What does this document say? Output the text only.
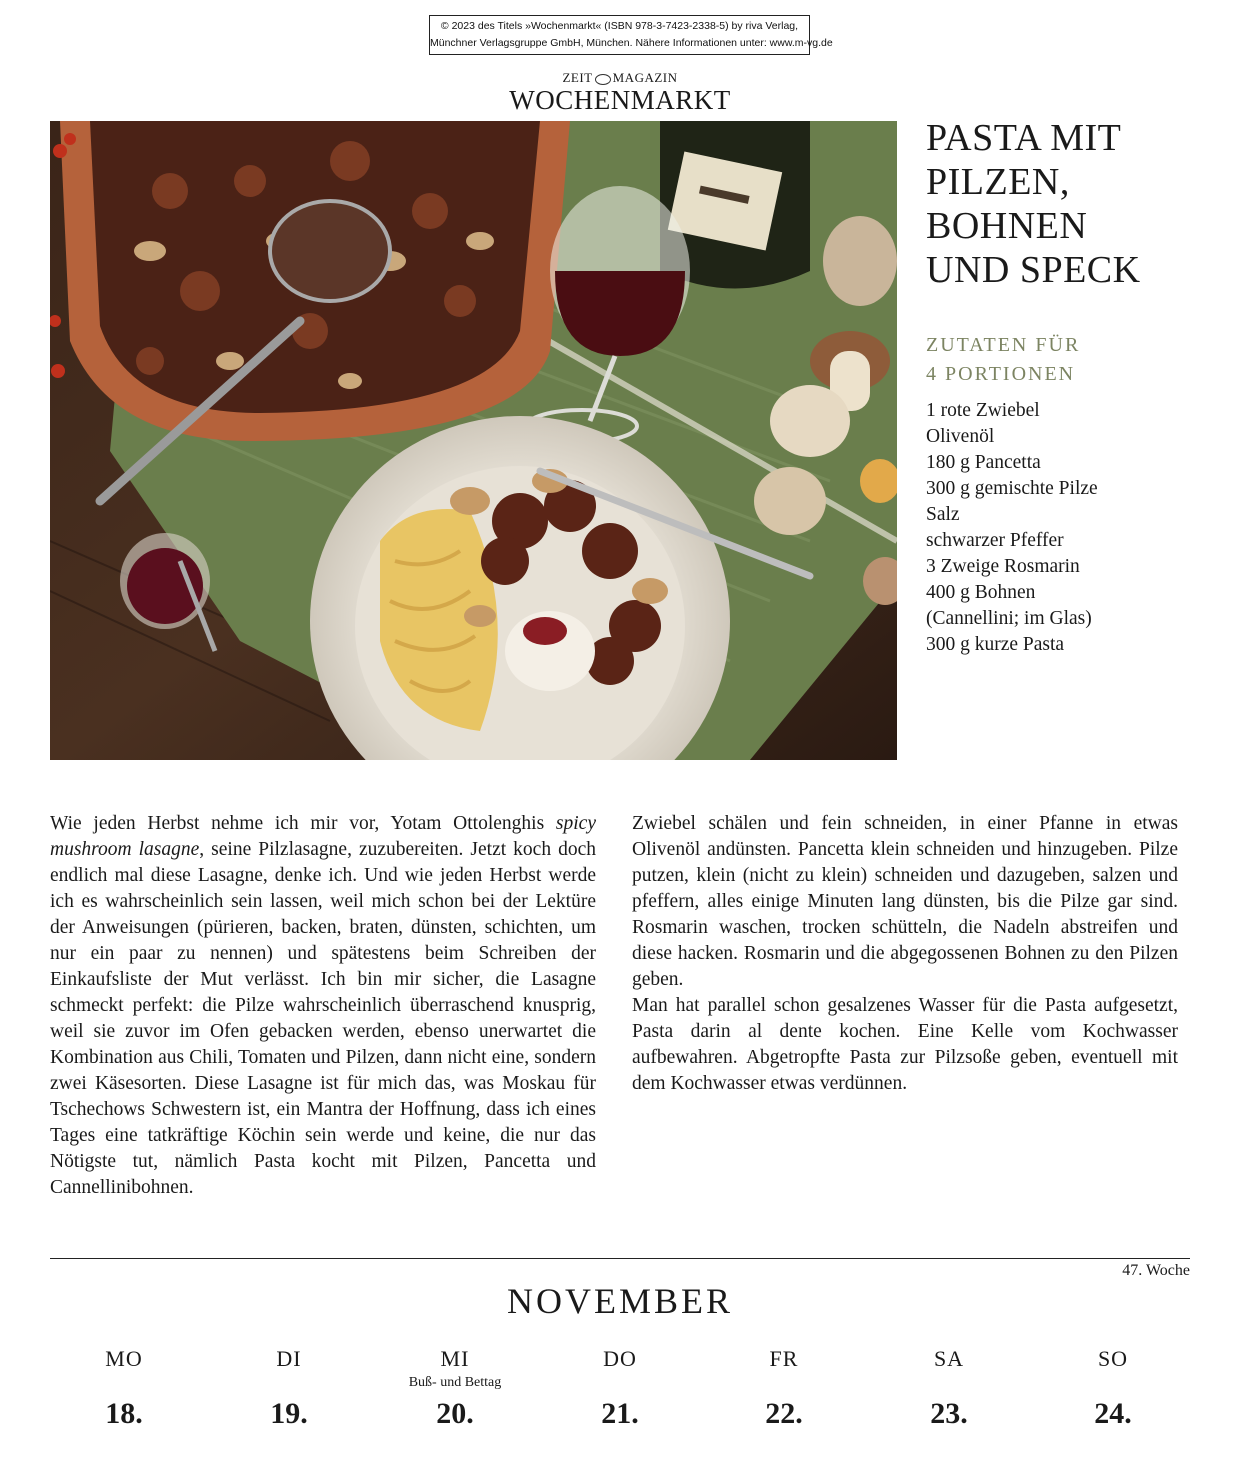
© 2023 des Titels »Wochenmarkt« (ISBN 978-3-7423-2338-5) by riva Verlag,
Münchner Verlagsgruppe GmbH, München. Nähere Informationen unter: www.m-vg.de
ZEIT MAGAZIN
WOCHENMARKT
PASTA MIT
PILZEN,
BOHNEN
UND SPECK
ZUTATEN FÜR
4 PORTIONEN
1 rote Zwiebel
Olivenöl
180 g Pancetta
300 g gemischte Pilze
Salz
schwarzer Pfeffer
3 Zweige Rosmarin
400 g Bohnen
(Cannellini; im Glas)
300 g kurze Pasta

Wie jeden Herbst nehme ich mir vor, Yotam Ottolenghis spicy mushroom lasagne, seine Pilzlasagne, zuzubereiten. Jetzt koch doch endlich mal diese Lasagne, denke ich. Und wie jeden Herbst werde ich es wahrscheinlich sein lassen, weil mich schon bei der Lektüre der Anweisungen (pürieren, backen, braten, dünsten, schichten, um nur ein paar zu nennen) und spätestens beim Schreiben der Einkaufsliste der Mut verlässt. Ich bin mir sicher, die Lasagne schmeckt perfekt: die Pilze wahrscheinlich überraschend knusprig, weil sie zuvor im Ofen gebacken werden, ebenso unerwartet die Kombination aus Chili, Tomaten und Pilzen, dann nicht eine, sondern zwei Käsesorten. Diese Lasagne ist für mich das, was Moskau für Tschechows Schwestern ist, ein Mantra der Hoffnung, dass ich eines Tages eine tatkräftige Köchin sein werde und keine, die nur das Nötigste tut, nämlich Pasta kocht mit Pilzen, Pancetta und Cannellinibohnen.

Zwiebel schälen und fein schneiden, in einer Pfanne in etwas Olivenöl andünsten. Pancetta klein schneiden und hinzugeben. Pilze putzen, klein (nicht zu klein) schneiden und dazugeben, salzen und pfeffern, alles einige Minuten lang dünsten, bis die Pilze gar sind. Rosmarin waschen, trocken schütteln, die Nadeln abstreifen und diese hacken. Rosmarin und die abgegossenen Bohnen zu den Pilzen geben.

Man hat parallel schon gesalzenes Wasser für die Pasta aufgesetzt, Pasta darin al dente kochen. Eine Kelle vom Kochwasser aufbewahren. Abgetropfte Pasta zur Pilzsoße geben, eventuell mit dem Kochwasser etwas verdünnen.

47. Woche
NOVEMBER
MO
18.
DI
19.
MI
Buß- und Bettag
20.
DO
21.
FR
22.
SA
23.
SO
24.
